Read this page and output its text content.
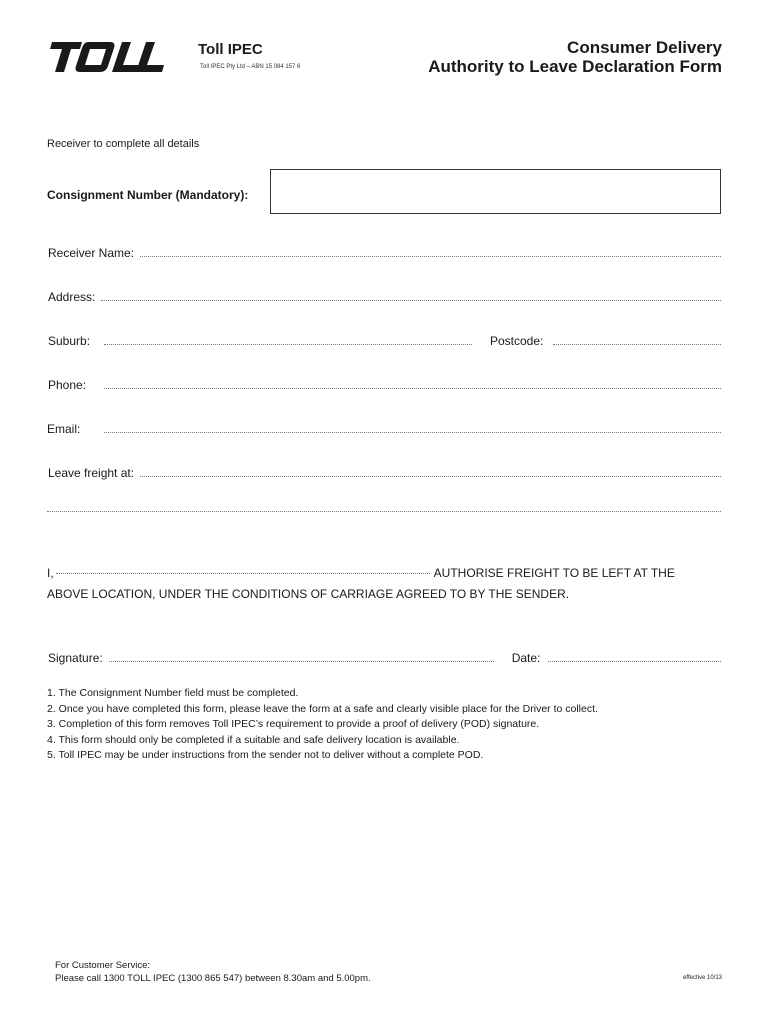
Toll IPEC
Toll IPEC Pty Ltd – ABN 15 084 157 6
Consumer Delivery
Authority to Leave Declaration Form
Receiver to complete all details
Consignment Number (Mandatory):
Receiver Name:
Address:
Suburb:	Postcode:
Phone:
Email:
Leave freight at:
I,	AUTHORISE FREIGHT TO BE LEFT AT THE
ABOVE LOCATION, UNDER THE CONDITIONS OF CARRIAGE AGREED TO BY THE SENDER.
Signature:	Date:
1. The Consignment Number field must be completed.
2. Once you have completed this form, please leave the form at a safe and clearly visible place for the Driver to collect.
3. Completion of this form removes Toll IPEC’s requirement to provide a proof of delivery (POD) signature.
4. This form should only be completed if a suitable and safe delivery location is available.
5. Toll IPEC may be under instructions from the sender not to deliver without a complete POD.
For Customer Service:
Please call 1300 TOLL IPEC (1300 865 547) between 8.30am and 5.00pm.	effective 10/13
